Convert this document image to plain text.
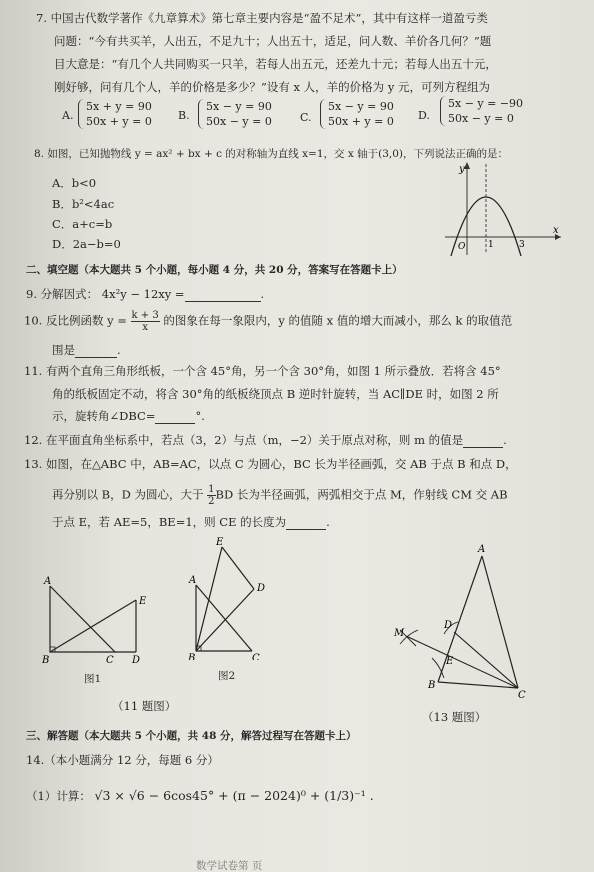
7. 中国古代数学著作《九章算术》第七章主要内容是“盈不足术”，其中有这样一道盈亏类
问题：“今有共买羊，人出五，不足九十；人出五十，适足，问人数、羊价各几何？”题
目大意是：“有几个人共同购买一只羊，若每人出五元，还差九十元；若每人出五十元，
刚好够，问有几个人，羊的价格是多少？”设有 x 人，羊的价格为 y 元，可列方程组为
A.
5x + y = 90
50x + y = 0 B.
5x − y = 90
50x − y = 0	C.
5x − y = 90
50x + y = 0 D.
5x − y = −90
50x − y = 0
8. 如图，已知抛物线 y = ax² + bx + c 的对称轴为直线 x=1，交 x 轴于(3,0)，下列说法正确的是：
A．b<0
B．b²<4ac
C．a+c=b
D．2a−b=0
y
x
O	1	3
二、填空题（本大题共 5 个小题，每小题 4 分，共 20 分，答案写在答题卡上）
9. 分解因式： 4x²y − 12xy =	.
10. 反比例函数 $y = \frac{k + 3}{x}$ 的图象在每一象限内，y 的值随 x 值的增大而减小，那么 k 的取值范
围是	.
11. 有两个直角三角形纸板，一个含 45°角，另一个含 30°角，如图 1 所示叠放．若将含 45°
角的纸板固定不动，将含 30°角的纸板绕顶点 B 逆时针旋转，当 AC∥DE 时，如图 2 所
示，旋转角∠DBC=	°.
12. 在平面直角坐标系中，若点（3，2）与点（m，−2）关于原点对称，则 m 的值是	.
13. 如图，在△ABC 中，AB=AC，以点 C 为圆心，BC 长为半径画弧，交 AB 于点 B 和点 D，
再分别以 B，D 为圆心，大于 $\frac{1}{2}$ BD 长为半径画弧，两弧相交于点 M，作射线 CM 交 AB
于点 E，若 AE=5，BE=1，则 CE 的长度为	.
A
B	C D
E
图1
E
A
D
B	C
图2
（11 题图）
A
D
M
E
B
C
（13 题图）
三、解答题（本大题共 5 个小题，共 48 分，解答过程写在答题卡上）
14.（本小题满分 12 分，每题 6 分）
（1）计算： √3 × √6 − 6cos45° + (π − 2024)⁰ + (1/3)⁻¹ .
数学试卷第 页
